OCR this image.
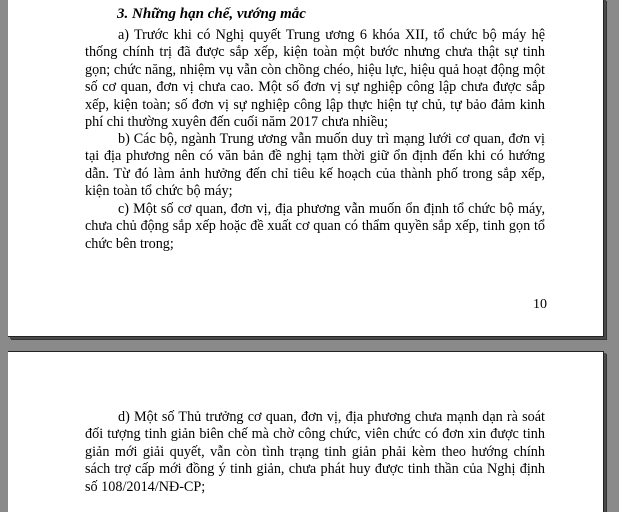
3. Những hạn chế, vướng mắc

a) Trước khi có Nghị quyết Trung ương 6 khóa XII, tổ chức bộ máy hệ thống chính trị đã được sắp xếp, kiện toàn một bước nhưng chưa thật sự tinh gọn; chức năng, nhiệm vụ vẫn còn chồng chéo, hiệu lực, hiệu quả hoạt động một số cơ quan, đơn vị chưa cao. Một số đơn vị sự nghiệp công lập chưa được sắp xếp, kiện toàn; số đơn vị sự nghiệp công lập thực hiện tự chủ, tự bảo đảm kinh phí chi thường xuyên đến cuối năm 2017 chưa nhiều;

b) Các bộ, ngành Trung ương vẫn muốn duy trì mạng lưới cơ quan, đơn vị tại địa phương nên có văn bản đề nghị tạm thời giữ ổn định đến khi có hướng dẫn. Từ đó làm ảnh hưởng đến chỉ tiêu kế hoạch của thành phố trong sắp xếp, kiện toàn tổ chức bộ máy;

c) Một số cơ quan, đơn vị, địa phương vẫn muốn ổn định tổ chức bộ máy, chưa chủ động sắp xếp hoặc đề xuất cơ quan có thẩm quyền sắp xếp, tinh gọn tổ chức bên trong;

10

d) Một số Thủ trưởng cơ quan, đơn vị, địa phương chưa mạnh dạn rà soát đối tượng tinh giản biên chế mà chờ công chức, viên chức có đơn xin được tinh giản mới giải quyết, vẫn còn tình trạng tinh giản phải kèm theo hướng chính sách trợ cấp mới đồng ý tinh giản, chưa phát huy được tinh thần của Nghị định số 108/2014/NĐ-CP;
